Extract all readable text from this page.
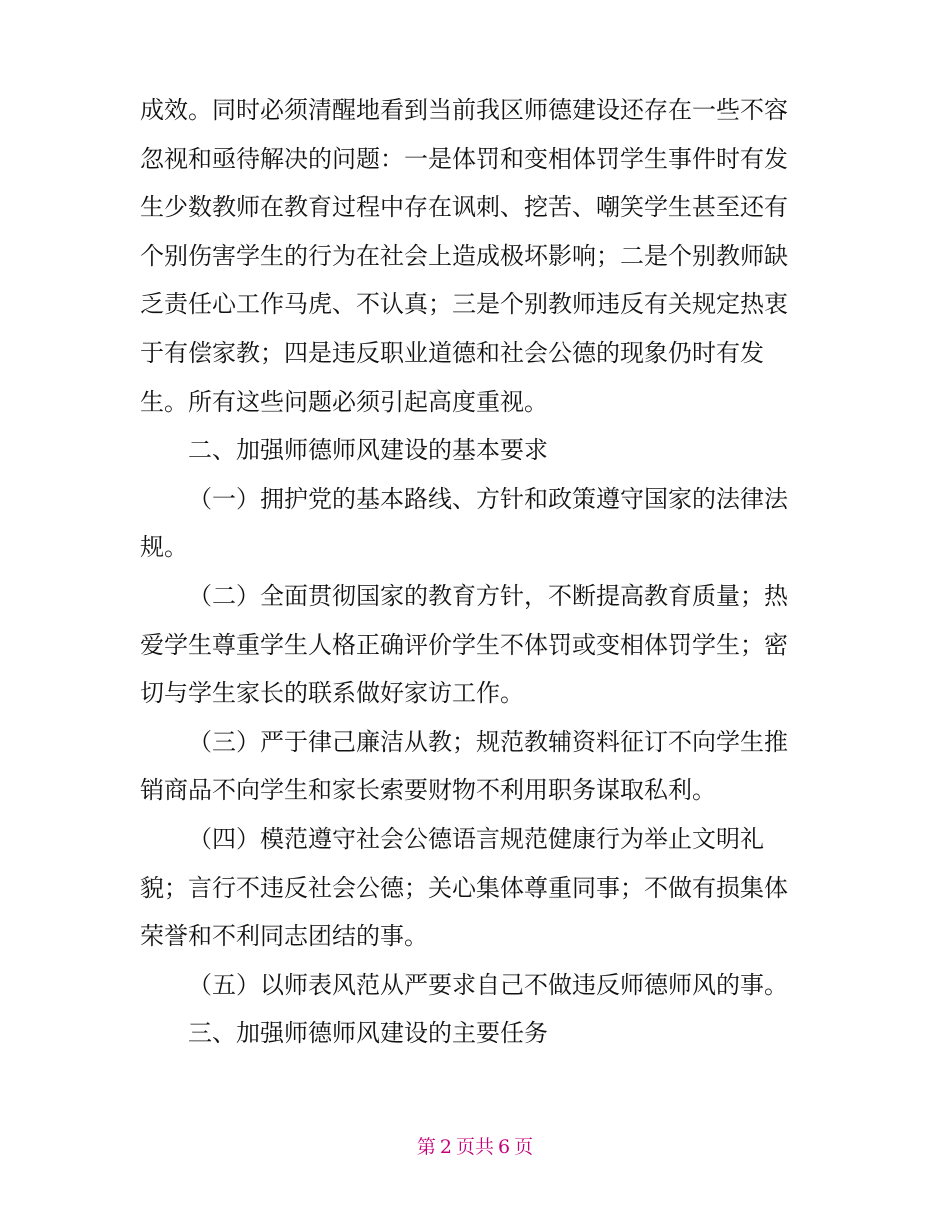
成效。同时必须清醒地看到当前我区师德建设还存在一些不容
忽视和亟待解决的问题：一是体罚和变相体罚学生事件时有发
生少数教师在教育过程中存在讽刺、挖苦、嘲笑学生甚至还有
个别伤害学生的行为在社会上造成极坏影响；二是个别教师缺
乏责任心工作马虎、不认真；三是个别教师违反有关规定热衷
于有偿家教；四是违反职业道德和社会公德的现象仍时有发
生。所有这些问题必须引起高度重视。
二、加强师德师风建设的基本要求
（一）拥护党的基本路线、方针和政策遵守国家的法律法
规。
（二）全面贯彻国家的教育方针，不断提高教育质量；热
爱学生尊重学生人格正确评价学生不体罚或变相体罚学生；密
切与学生家长的联系做好家访工作。
（三）严于律己廉洁从教；规范教辅资料征订不向学生推
销商品不向学生和家长索要财物不利用职务谋取私利。
（四）模范遵守社会公德语言规范健康行为举止文明礼
貌；言行不违反社会公德；关心集体尊重同事；不做有损集体
荣誉和不利同志团结的事。
（五）以师表风范从严要求自己不做违反师德师风的事。
三、加强师德师风建设的主要任务
第 2 页共 6 页
